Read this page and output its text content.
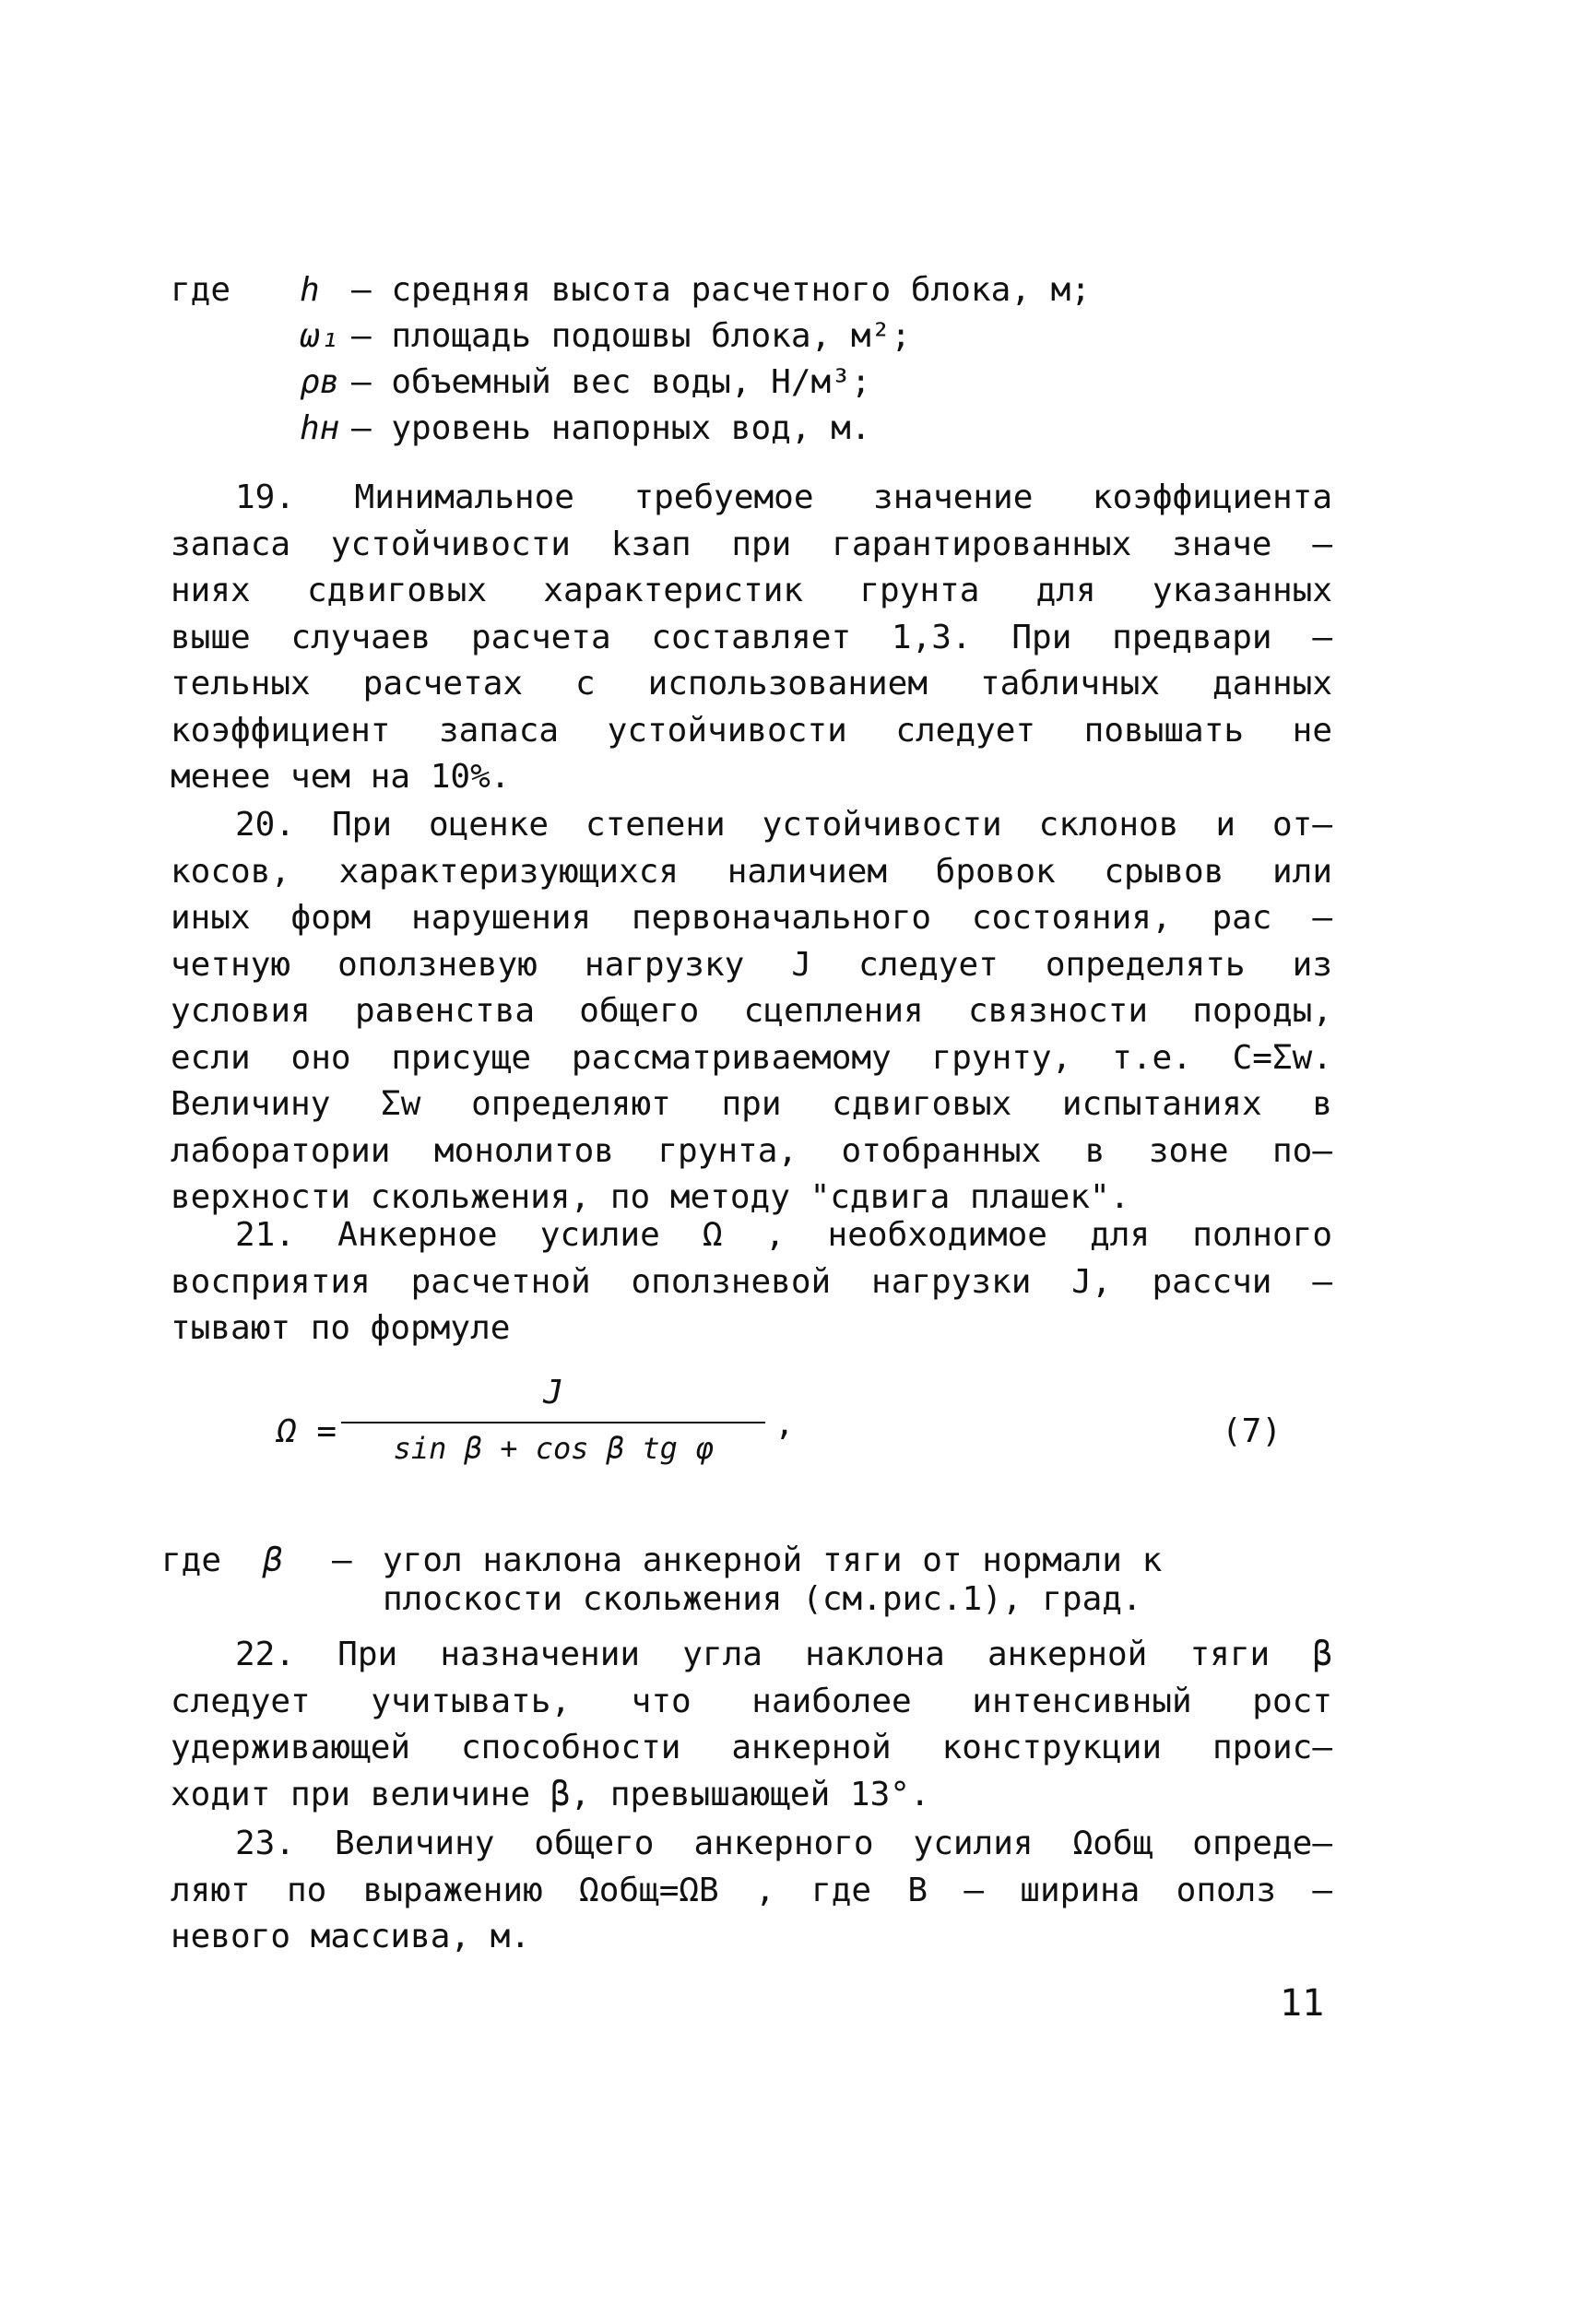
где h – средняя высота расчетного блока, м;
ω₁ – площадь подошвы блока, м²;
ρв – объемный вес воды, Н/м³;
hн – уровень напорных вод, м.
19. Минимальное требуемое значение коэффициента
запаса устойчивости kзап при гарантированных значе –
ниях сдвиговых характеристик грунта для указанных
выше случаев расчета составляет 1,3. При предвари –
тельных расчетах с использованием табличных данных
коэффициент запаса устойчивости следует повышать не
менее чем на 10%.
20. При оценке степени устойчивости склонов и от–
косов, характеризующихся наличием бровок срывов или
иных форм нарушения первоначального состояния, рас –
четную оползневую нагрузку J следует определять из
условия равенства общего сцепления связности породы,
если оно присуще рассматриваемому грунту, т.е. C=Σw.
Величину Σw определяют при сдвиговых испытаниях в
лаборатории монолитов грунта, отобранных в зоне по–
верхности скольжения, по методу "сдвига плашек".
21. Анкерное усилие Ω , необходимое для полного
восприятия расчетной оползневой нагрузки J, рассчи –
тывают по формуле
Ω =
J
sin β + cos β tg φ
,	(7)
где β – угол наклона анкерной тяги от нормали к
плоскости скольжения (см.рис.1), град.
22. При назначении угла наклона анкерной тяги β
следует учитывать, что наиболее интенсивный рост
удерживающей способности анкерной конструкции проис–
ходит при величине β, превышающей 13°.
23. Величину общего анкерного усилия Ωобщ опреде–
ляют по выражению Ωобщ=ΩB , где B – ширина ополз –
невого массива, м.
11
